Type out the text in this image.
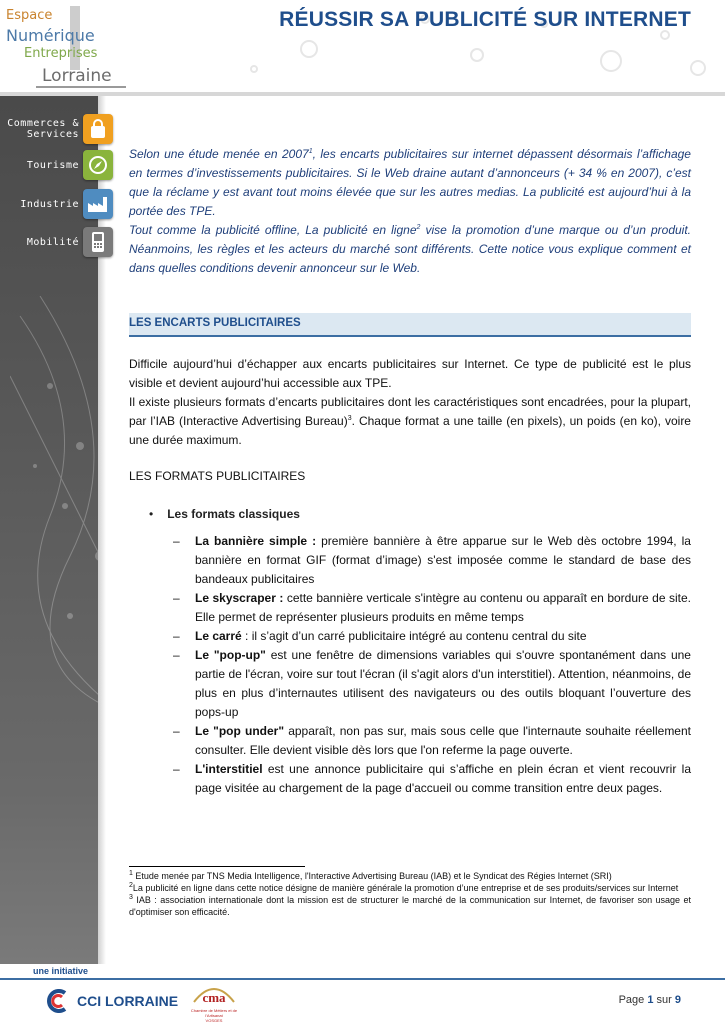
Espace
Numérique
Entreprises
Lorraine
RÉUSSIR SA PUBLICITÉ SUR INTERNET
Commerces &
Services
Tourisme
Industrie
Mobilité

Selon une étude menée en 2007$^1$, les encarts publicitaires sur internet dépassent désormais l’affichage en termes d’investissements publicitaires. Si le Web draine autant d’annonceurs (+ 34 % en 2007), c’est que la réclame y est avant tout moins élevée que sur les autres medias. La publicité est aujourd’hui à la portée des TPE.

Tout comme la publicité offline, La publicité en ligne$^2$ vise la promotion d’une marque ou d’un produit. Néanmoins, les règles et les acteurs du marché sont différents. Cette notice vous explique comment et dans quelles conditions devenir annonceur sur le Web.

LES ENCARTS PUBLICITAIRES
Difficile aujourd’hui d’échapper aux encarts publicitaires sur Internet. Ce type de publicité est le plus visible et devient aujourd’hui accessible aux TPE.
Il existe plusieurs formats d’encarts publicitaires dont les caractéristiques sont encadrées, pour la plupart, par l’IAB (Interactive Advertising Bureau)$^3$. Chaque format a une taille (en pixels), un poids (en ko), voire une durée maximum.
LES FORMATS PUBLICITAIRES
• Les formats classiques
– La bannière simple : première bannière à être apparue sur le Web dès octobre 1994, la bannière en format GIF (format d’image) s'est imposée comme le standard de base des bandeaux publicitaires
– Le skyscraper : cette bannière verticale s'intègre au contenu ou apparaît en bordure de site. Elle permet de représenter plusieurs produits en même temps
– Le carré : il s’agit d’un carré publicitaire intégré au contenu central du site
– Le "pop-up" est une fenêtre de dimensions variables qui s'ouvre spontanément dans une partie de l'écran, voire sur tout l'écran (il s'agit alors d'un interstitiel). Attention, néanmoins, de plus en plus d’internautes utilisent des navigateurs ou des outils bloquant l’ouverture des pops-up
– Le "pop under" apparaît, non pas sur, mais sous celle que l'internaute souhaite réellement consulter. Elle devient visible dès lors que l'on referme la page ouverte.
– L'interstitiel est une annonce publicitaire qui s’affiche en plein écran et vient recouvrir la page visitée au chargement de la page d'accueil ou comme transition entre deux pages.
$^1$ Etude menée par TNS Media Intelligence, l'Interactive Advertising Bureau (IAB) et le Syndicat des Régies Internet (SRI)
$^2$La publicité en ligne dans cette notice désigne de manière générale la promotion d’une entreprise et de ses produits/services sur Internet
$^3$ IAB : association internationale dont la mission est de structurer le marché de la communication sur Internet, de favoriser son usage et d'optimiser son efficacité.
une initiative
CCI LORRAINE cma
Chambre de Métiers et de l'Artisanat
VOSGES
Page 1 sur 9
